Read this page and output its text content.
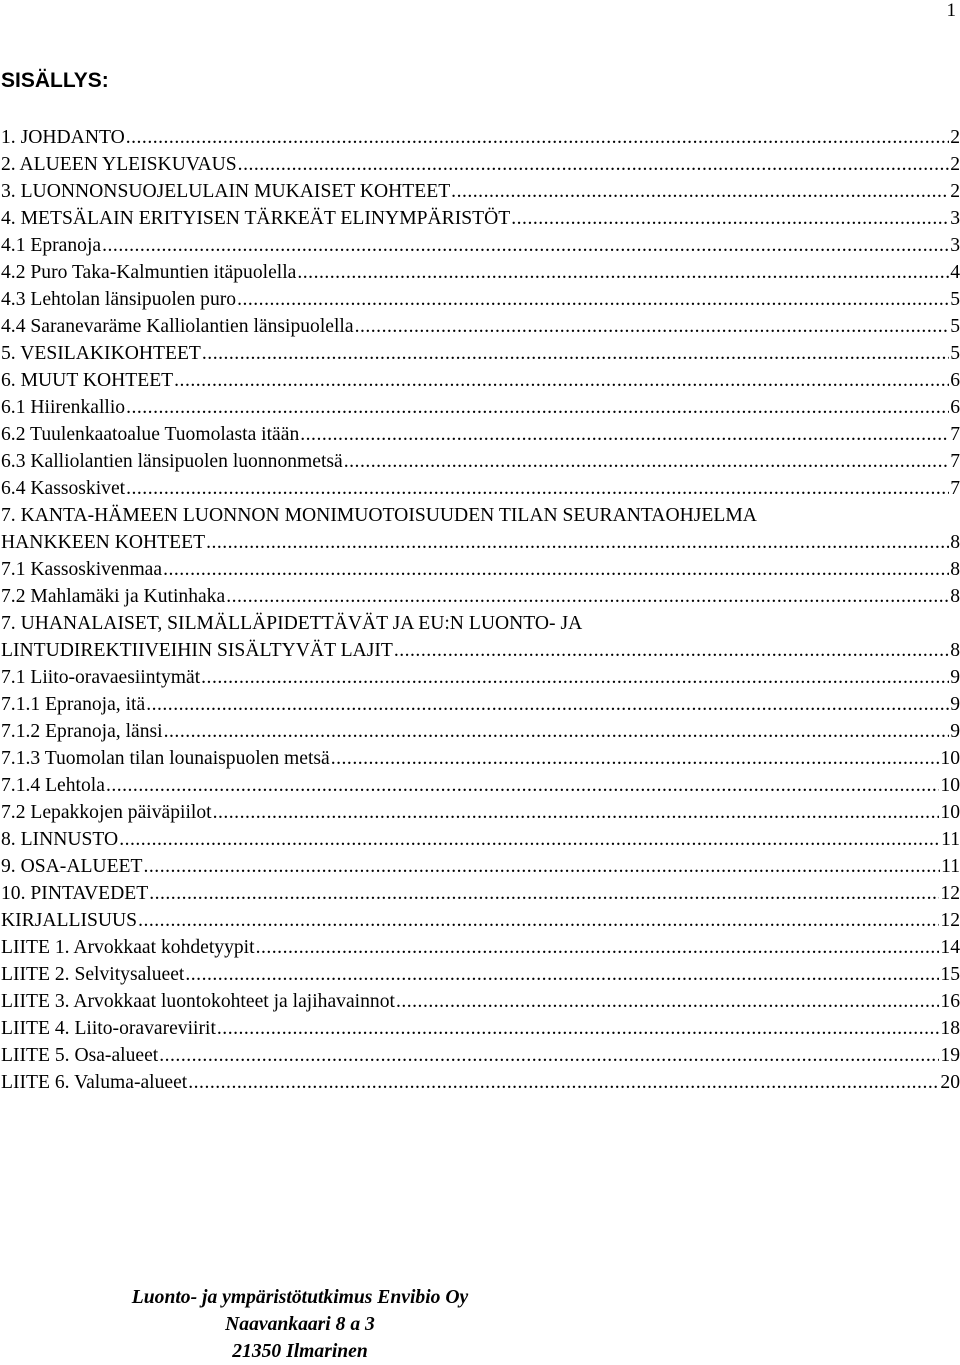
1
SISÄLLYS:
1. JOHDANTO .....	2
2. ALUEEN YLEISKUVAUS .....	2
3. LUONNONSUOJELULAIN MUKAISET KOHTEET .....	2
4. METSÄLAIN ERITYISEN TÄRKEÄT ELINYMPÄRISTÖT .....	3
4.1 Epranoja .....	3
4.2 Puro Taka-Kalmuntien itäpuolella .....	4
4.3 Lehtolan länsipuolen puro .....	5
4.4 Saranevaräme Kalliolantien länsipuolella .....	5
5. VESILAKIKOHTEET .....	5
6. MUUT KOHTEET .....	6
6.1 Hiirenkallio .....	6
6.2 Tuulenkaatoalue Tuomolasta itään .....	7
6.3 Kalliolantien länsipuolen luonnonmetsä .....	7
6.4 Kassoskivet .....	7
7. KANTA-HÄMEEN LUONNON MONIMUOTOISUUDEN TILAN SEURANTAOHJELMA
HANKKEEN KOHTEET .....	8
7.1 Kassoskivenmaa .....	8
7.2 Mahlamäki ja Kutinhaka .....	8
7. UHANALAISET, SILMÄLLÄPIDETTÄVÄT JA EU:N LUONTO- JA
LINTUDIREKTIIVEIHIN SISÄLTYVÄT LAJIT .....	8
7.1 Liito-oravaesiintymät .....	9
7.1.1 Epranoja, itä .....	9
7.1.2 Epranoja, länsi .....	9
7.1.3 Tuomolan tilan lounaispuolen metsä .....	10
7.1.4 Lehtola .....	10
7.2 Lepakkojen päiväpiilot .....	10
8. LINNUSTO .....	11
9. OSA-ALUEET .....	11
10. PINTAVEDET .....	12
KIRJALLISUUS .....	12
LIITE 1. Arvokkaat kohdetyypit .....	14
LIITE 2. Selvitysalueet .....	15
LIITE 3. Arvokkaat luontokohteet ja lajihavainnot .....	16
LIITE 4. Liito-oravareviirit .....	18
LIITE 5. Osa-alueet .....	19
LIITE 6. Valuma-alueet .....	20
Luonto- ja ympäristötutkimus Envibio Oy
Naavankaari 8 a 3
21350 Ilmarinen
